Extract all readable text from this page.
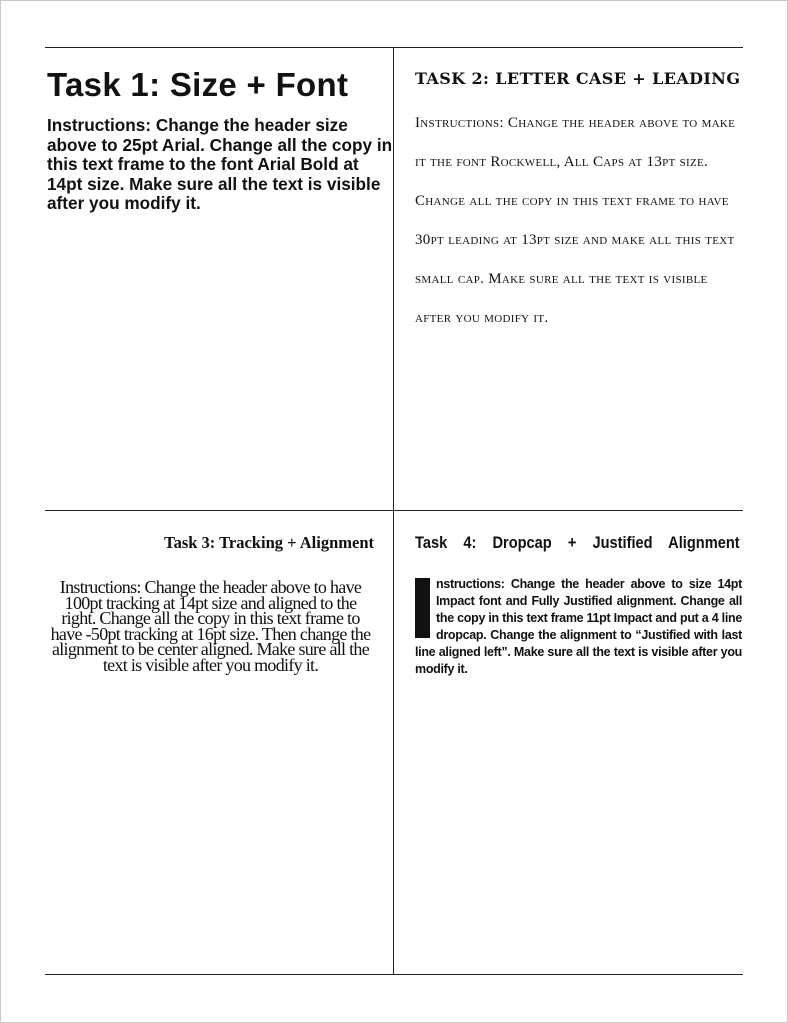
Task 1: Size + Font
Instructions: Change the header size above to 25pt Arial. Change all the copy in this text frame to the font Arial Bold at 14pt size. Make sure all the text is visible after you modify it.
TASK 2: LETTER CASE + LEADING
Instructions: Change the header above to make it the font Rockwell, All Caps at 13pt size. Change all the copy in this text frame to have 30pt leading at 13pt size and make all this text small cap. Make sure all the text is visible after you modify it.
Task 3: Tracking + Alignment
Instructions: Change the header above to have 100pt tracking at 14pt size and aligned to the right. Change all the copy in this text frame to have -50pt tracking at 16pt size. Then change the alignment to be center aligned. Make sure all the text is visible after you modify it.
Task 4: Dropcap + Justified Alignment
nstructions: Change the header above to size 14pt Impact font and Fully Justified alignment. Change all the copy in this text frame 11pt Impact and put a 4 line dropcap. Change the alignment to “Justified with last line aligned left”. Make sure all the text is visible after you modify it.
